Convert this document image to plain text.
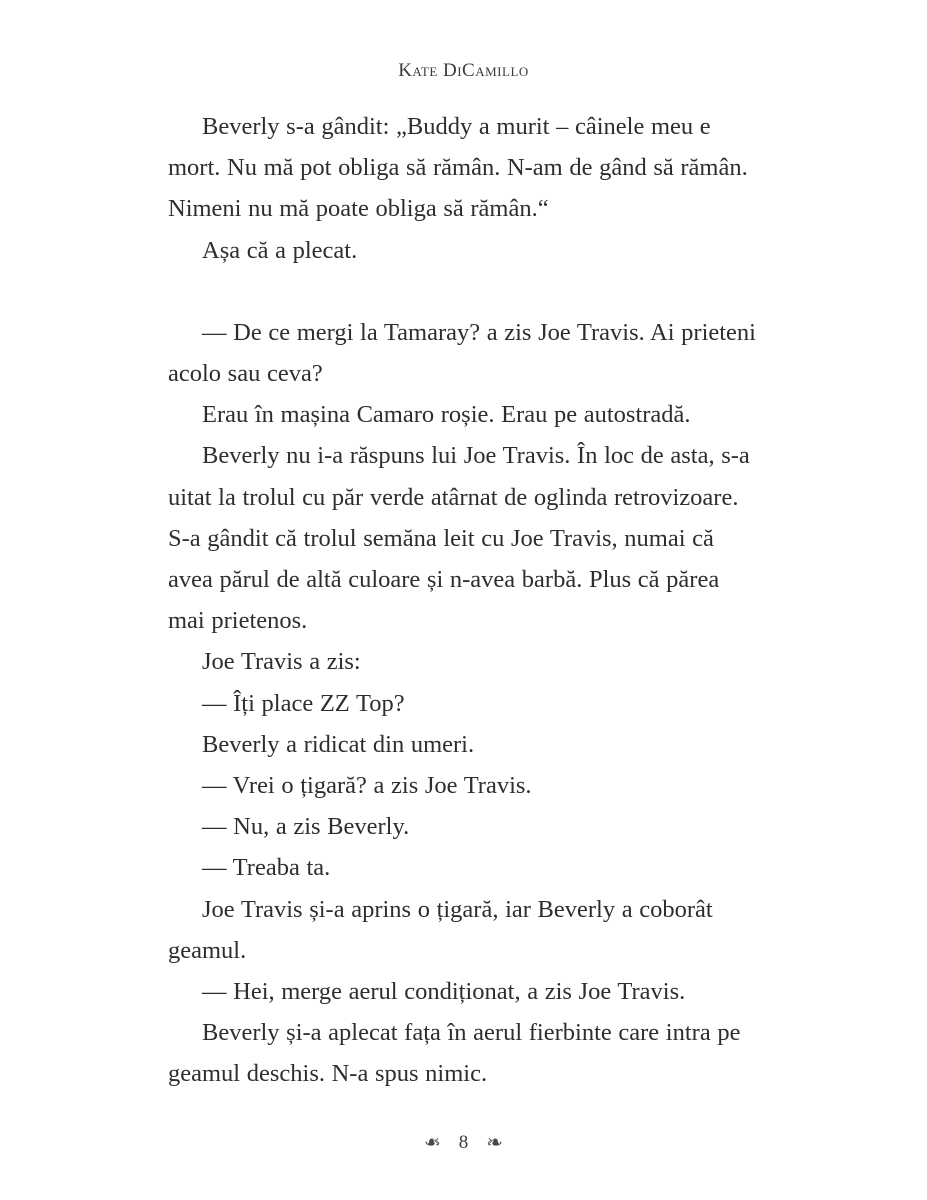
Kate DiCamillo

Beverly s-a gândit: „Buddy a murit – câinele meu e mort. Nu mă pot obliga să rămân. N-am de gând să rămân. Nimeni nu mă poate obliga să rămân.“

Așa că a plecat.

— De ce mergi la Tamaray? a zis Joe Travis. Ai prieteni acolo sau ceva?

Erau în mașina Camaro roșie. Erau pe autostradă.

Beverly nu i-a răspuns lui Joe Travis. În loc de asta, s-a uitat la trolul cu păr verde atârnat de oglinda retrovizoare. S-a gândit că trolul semăna leit cu Joe Travis, numai că avea părul de altă culoare și n-avea barbă. Plus că părea mai prietenos.

Joe Travis a zis:

— Îți place ZZ Top?

Beverly a ridicat din umeri.

— Vrei o țigară? a zis Joe Travis.

— Nu, a zis Beverly.

— Treaba ta.

Joe Travis și-a aprins o țigară, iar Beverly a coborât geamul.

— Hei, merge aerul condiționat, a zis Joe Travis.

Beverly și-a aplecat fața în aerul fierbinte care intra pe geamul deschis. N-a spus nimic.

❧ 8 ❧
